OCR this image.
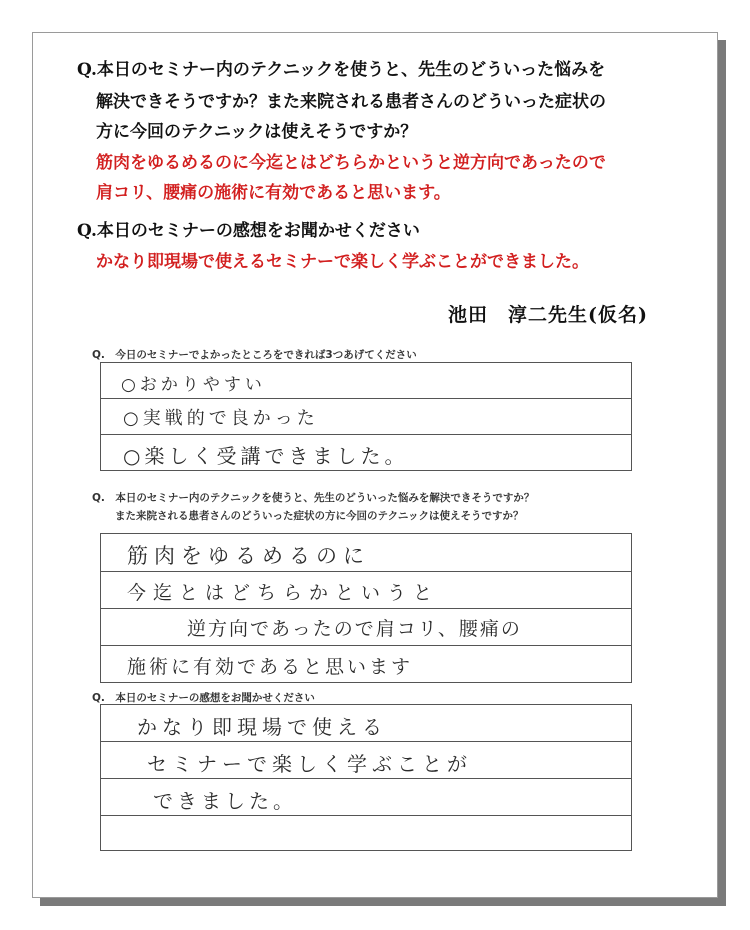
Q.本日のセミナー内のテクニックを使うと、先生のどういった悩みを
解決できそうですか？また来院される患者さんのどういった症状の
方に今回のテクニックは使えそうですか？
筋肉をゆるめるのに今迄とはどちらかというと逆方向であったので
肩コリ、腰痛の施術に有効であると思います。
Q.本日のセミナーの感想をお聞かせください
かなり即現場で使えるセミナーで楽しく学ぶことができました。
池田　淳二先生(仮名)
Q.　今日のセミナーでよかったところをできれば3つあげてください
○おかりやすい
○実戦的で良かった
○楽しく受講できました。
Q.　本日のセミナー内のテクニックを使うと、先生のどういった悩みを解決できそうですか？
また来院される患者さんのどういった症状の方に今回のテクニックは使えそうですか？
筋肉をゆるめるのに
今迄とはどちらかというと
逆方向であったので肩コリ、腰痛の
施術に有効であると思います
Q.　本日のセミナーの感想をお聞かせください
かなり即現場で使える
セミナーで楽しく学ぶことが
できました。
